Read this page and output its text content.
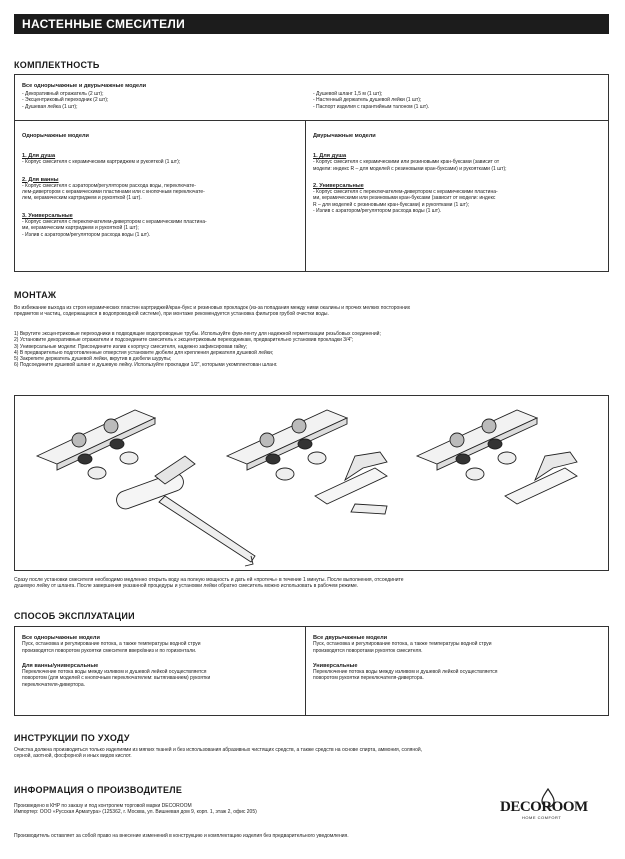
НАСТЕННЫЕ СМЕСИТЕЛИ
КОМПЛЕКТНОСТЬ
Все однорычажные и двурычажные модели
- Декоративный отражатель (2 шт);
- Эксцентриковый переходник (2 шт);
- Душевая лейка (1 шт);
- Душевой шланг 1,5 м (1 шт);
- Настенный держатель душевой лейки (1 шт);
- Паспорт изделия с гарантийным талоном (1 шт).
Однорычажные модели
1. Для душа
- Корпус смесителя с керамическим картриджем и рукояткой (1 шт);
2. Для ванны
- Корпус смесителя с аэратором/регулятором расхода воды, переключате-
лем-дивертором с керамическими пластинами или с кнопочным переключате-
лем, керамическим картриджем и рукояткой (1 шт).
3. Универсальные
- Корпус смесителя с переключателем-дивертором с керамическими пластина-
ми, керамическим картриджем и рукояткой (1 шт);
- Излив с аэратором/регулятором расхода воды (1 шт).
Двурычажные модели
1. Для душа
- Корпус смесителя с керамическими или резиновыми кран-буксами (зависит от
модели: индекс R – для моделей с резиновыми кран-буксами) и рукоятками (1 шт);
2. Универсальные
- Корпус смесителя с переключателем-дивертором с керамическими пластина-
ми, керамическими или резиновыми кран-буксами (зависит от модели: индекс
R – для моделей с резиновыми кран-буксами) и рукоятками (1 шт);
- Излив с аэратором/регулятором расхода воды (1 шт).
МОНТАЖ
Во избежание выхода из строя керамических пластин картриджей/кран-букс и резиновых прокладок (из-за попадания между ними окалины и прочих мелких посторонних
предметов и частиц, содержащихся в водопроводной системе), при монтаже рекомендуется установка фильтров грубой очистки воды.
1) Вкрутите эксцентриковые переходники в подводящие водопроводные трубы. Используйте фум-ленту для надежной герметизации резьбовых соединений;
2) Установите декоративные отражатели и подсоедините смеситель к эксцентриковым переходникам, предварительно установив прокладки 3/4";
3) Универсальные модели: Присоедините излив к корпусу смесителя, надежно зафиксировав гайку;
4) В предварительно подготовленные отверстия установите дюбели для крепления держателя душевой лейки;
5) Закрепите держатель душевой лейки, вкрутив в дюбели шурупы;
6) Подсоедините душевой шланг и душевую лейку. Используйте прокладки 1/2", которыми укомплектован шланг.
Сразу после установки смесителя необходимо медленно открыть воду на полную мощность и дать ей «протечь» в течение 1 минуты. После выполнения, отсоедините
душевую лейку от шланга. После завершения указанной процедуры и установки лейки обратно смеситель можно использовать в рабочем режиме.
СПОСОБ ЭКСПЛУАТАЦИИ
Все однорычажные модели
Пуск, остановка и регулирование потока, а также температуры водной струи
производятся поворотом рукоятки смесителя вверх/вниз и по горизонтали.
Для ванны/универсальные
Переключение потока воды между изливом и душевой лейкой осуществляется
поворотом (для моделей с кнопочным переключателем: вытягиванием) рукоятки
переключателя-дивертора.
Все двурычажные модели
Пуск, остановка и регулирование потока, а также температуры водной струи
производятся поворотами рукояток смесителя.
Универсальные
Переключение потока воды между изливом и душевой лейкой осуществляется
поворотом рукоятки переключателя-дивертора.
ИНСТРУКЦИИ ПО УХОДУ
Очистка должна производиться только изделиями из мягких тканей и без использования абразивных чистящих средств, а также средств на основе спирта, аммония, соляной,
серной, азотной, фосфорной и иных видов кислот.
ИНФОРМАЦИЯ О ПРОИЗВОДИТЕЛЕ
Произведено в КНР по заказу и под контролем торговой марки DECOROOM
Импортер: ООО «Русская Арматура» (125362, г. Москва, ул. Вишневая дом 9, корп. 1, этаж 2, офис 205)
Производитель оставляет за собой право на внесение изменений в конструкцию и комплектацию изделия без предварительного уведомления.
DECOROOM
HOME COMFORT
